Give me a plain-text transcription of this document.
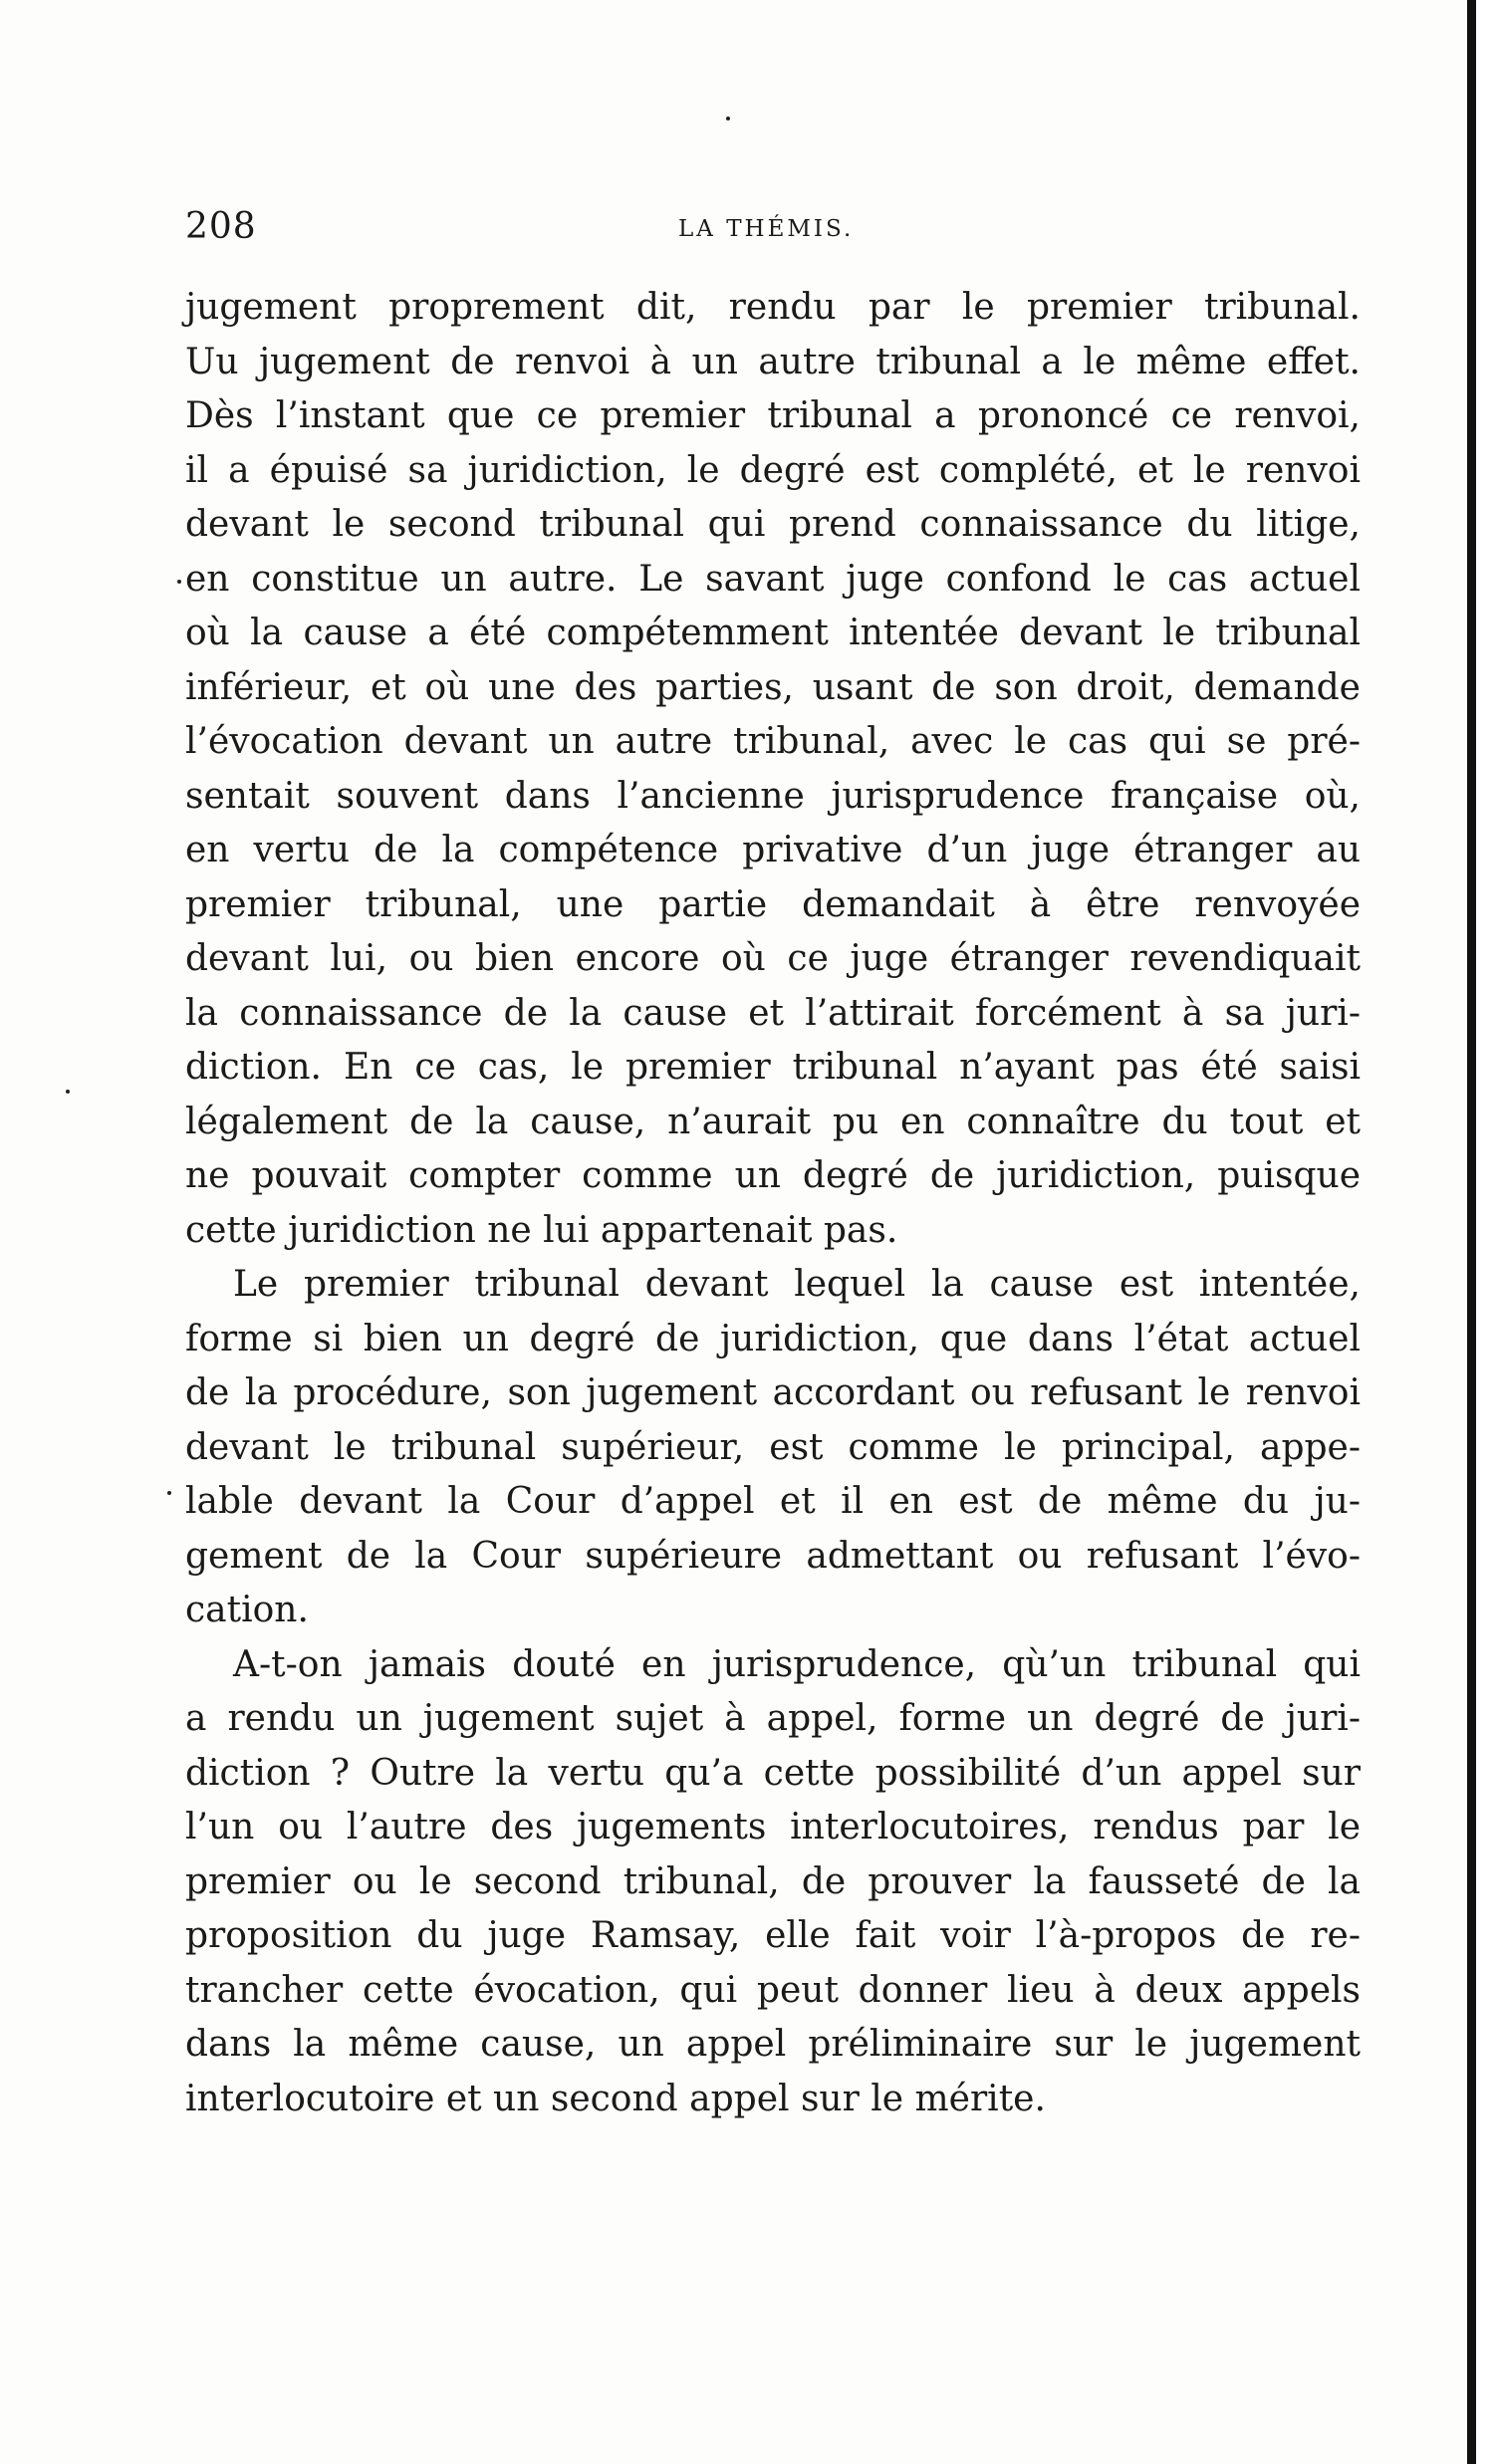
208	LA THÉMIS.

jugement proprement dit, rendu par le premier tribunal.
Uu jugement de renvoi à un autre tribunal a le même effet.
Dès l’instant que ce premier tribunal a prononcé ce renvoi,
il a épuisé sa juridiction, le degré est complété, et le renvoi
devant le second tribunal qui prend connaissance du litige,
en constitue un autre. Le savant juge confond le cas actuel
où la cause a été compétemment intentée devant le tribunal
inférieur, et où une des parties, usant de son droit, demande
l’évocation devant un autre tribunal, avec le cas qui se pré-
sentait souvent dans l’ancienne jurisprudence française où,
en vertu de la compétence privative d’un juge étranger au
premier tribunal, une partie demandait à être renvoyée
devant lui, ou bien encore où ce juge étranger revendiquait
la connaissance de la cause et l’attirait forcément à sa juri-
diction. En ce cas, le premier tribunal n’ayant pas été saisi
légalement de la cause, n’aurait pu en connaître du tout et
ne pouvait compter comme un degré de juridiction, puisque
cette juridiction ne lui appartenait pas.

Le premier tribunal devant lequel la cause est intentée,
forme si bien un degré de juridiction, que dans l’état actuel
de la procédure, son jugement accordant ou refusant le renvoi
devant le tribunal supérieur, est comme le principal, appe-
lable devant la Cour d’appel et il en est de même du ju-
gement de la Cour supérieure admettant ou refusant l’évo-
cation.

A-t-on jamais douté en jurisprudence, qù’un tribunal qui
a rendu un jugement sujet à appel, forme un degré de juri-
diction ? Outre la vertu qu’a cette possibilité d’un appel sur
l’un ou l’autre des jugements interlocutoires, rendus par le
premier ou le second tribunal, de prouver la fausseté de la
proposition du juge Ramsay, elle fait voir l’à-propos de re-
trancher cette évocation, qui peut donner lieu à deux appels
dans la même cause, un appel préliminaire sur le jugement
interlocutoire et un second appel sur le mérite.
